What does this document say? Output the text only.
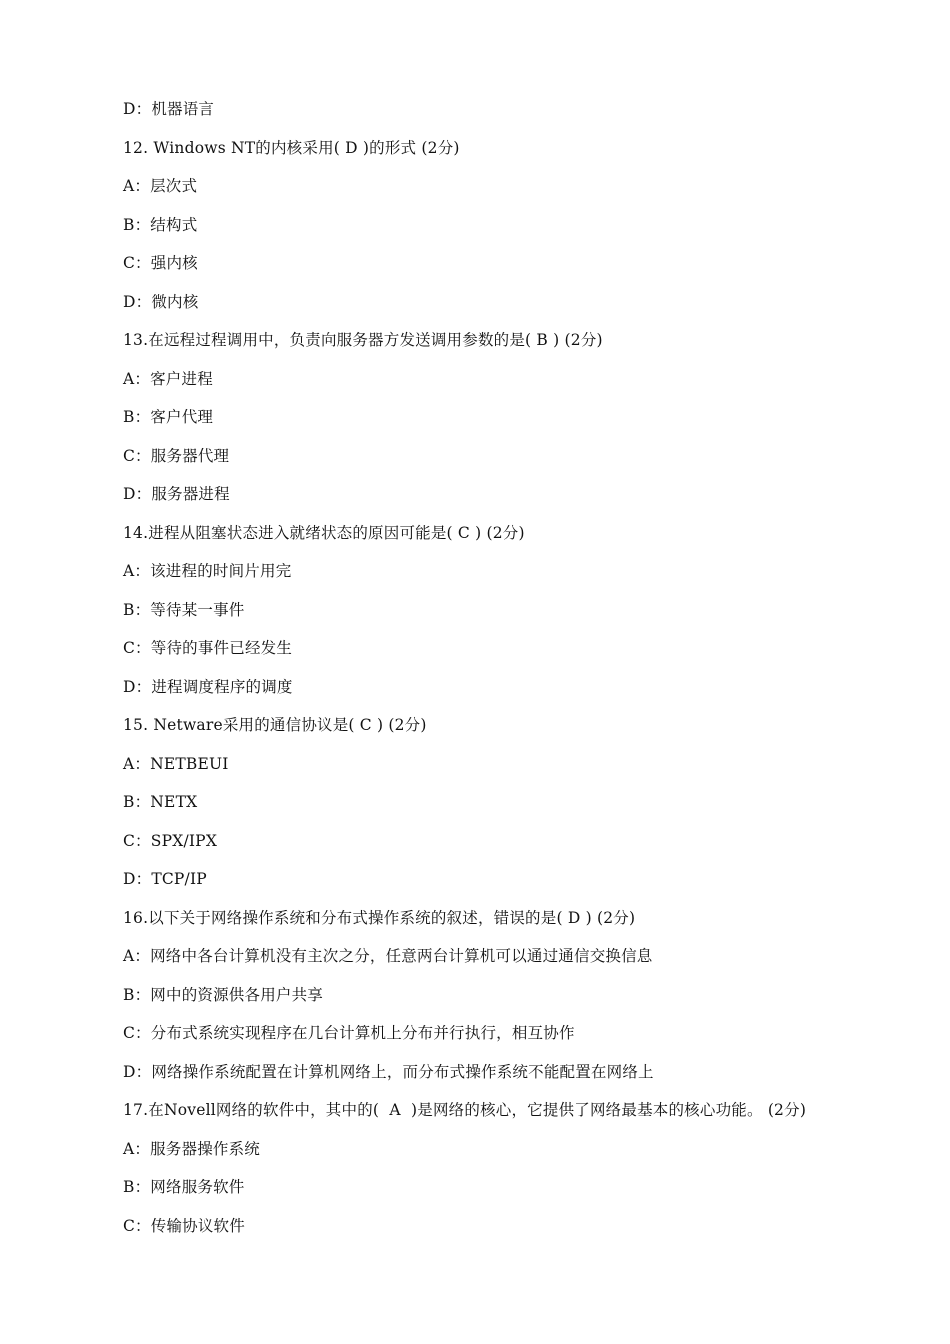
D：机器语言
12. Windows NT的内核采用( D )的形式 (2分)
A：层次式
B：结构式
C：强内核
D：微内核
13.在远程过程调用中，负责向服务器方发送调用参数的是( B ) (2分)
A：客户进程
B：客户代理
C：服务器代理
D：服务器进程
14.进程从阻塞状态进入就绪状态的原因可能是( C ) (2分)
A：该进程的时间片用完
B：等待某一事件
C：等待的事件已经发生
D：进程调度程序的调度
15. Netware采用的通信协议是( C ) (2分)
A：NETBEUI
B：NETX
C：SPX/IPX
D：TCP/IP
16.以下关于网络操作系统和分布式操作系统的叙述，错误的是( D ) (2分)
A：网络中各台计算机没有主次之分，任意两台计算机可以通过通信交换信息
B：网中的资源供各用户共享
C：分布式系统实现程序在几台计算机上分布并行执行，相互协作
D：网络操作系统配置在计算机网络上，而分布式操作系统不能配置在网络上
17.在Novell网络的软件中，其中的(  A  )是网络的核心，它提供了网络最基本的核心功能。 (2分)
A：服务器操作系统
B：网络服务软件
C：传输协议软件
